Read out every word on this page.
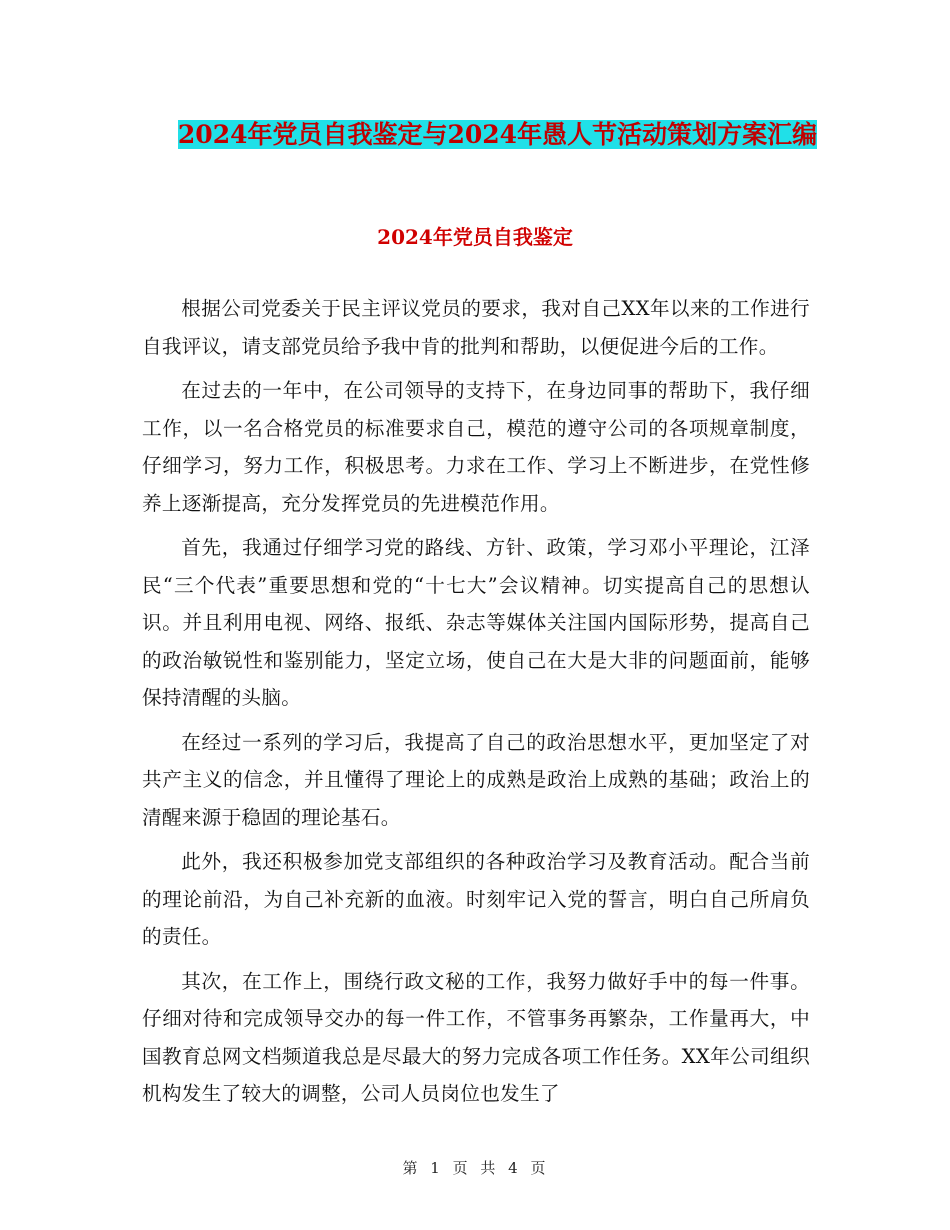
2024年党员自我鉴定与2024年愚人节活动策划方案汇编
2024年党员自我鉴定

根据公司党委关于民主评议党员的要求，我对自己XX年以来的工作进行自我评议，请支部党员给予我中肯的批判和帮助，以便促进今后的工作。

在过去的一年中，在公司领导的支持下，在身边同事的帮助下，我仔细工作，以一名合格党员的标准要求自己，模范的遵守公司的各项规章制度，仔细学习，努力工作，积极思考。力求在工作、学习上不断进步，在党性修养上逐渐提高，充分发挥党员的先进模范作用。

首先，我通过仔细学习党的路线、方针、政策，学习邓小平理论，江泽民“三个代表”重要思想和党的“十七大”会议精神。切实提高自己的思想认识。并且利用电视、网络、报纸、杂志等媒体关注国内国际形势，提高自己的政治敏锐性和鉴别能力，坚定立场，使自己在大是大非的问题面前，能够保持清醒的头脑。

在经过一系列的学习后，我提高了自己的政治思想水平，更加坚定了对共产主义的信念，并且懂得了理论上的成熟是政治上成熟的基础；政治上的清醒来源于稳固的理论基石。

此外，我还积极参加党支部组织的各种政治学习及教育活动。配合当前的理论前沿，为自己补充新的血液。时刻牢记入党的誓言，明白自己所肩负的责任。

其次，在工作上，围绕行政文秘的工作，我努力做好手中的每一件事。仔细对待和完成领导交办的每一件工作，不管事务再繁杂，工作量再大，中国教育总网文档频道我总是尽最大的努力完成各项工作任务。XX年公司组织机构发生了较大的调整，公司人员岗位也发生了

第 1 页 共 4 页
